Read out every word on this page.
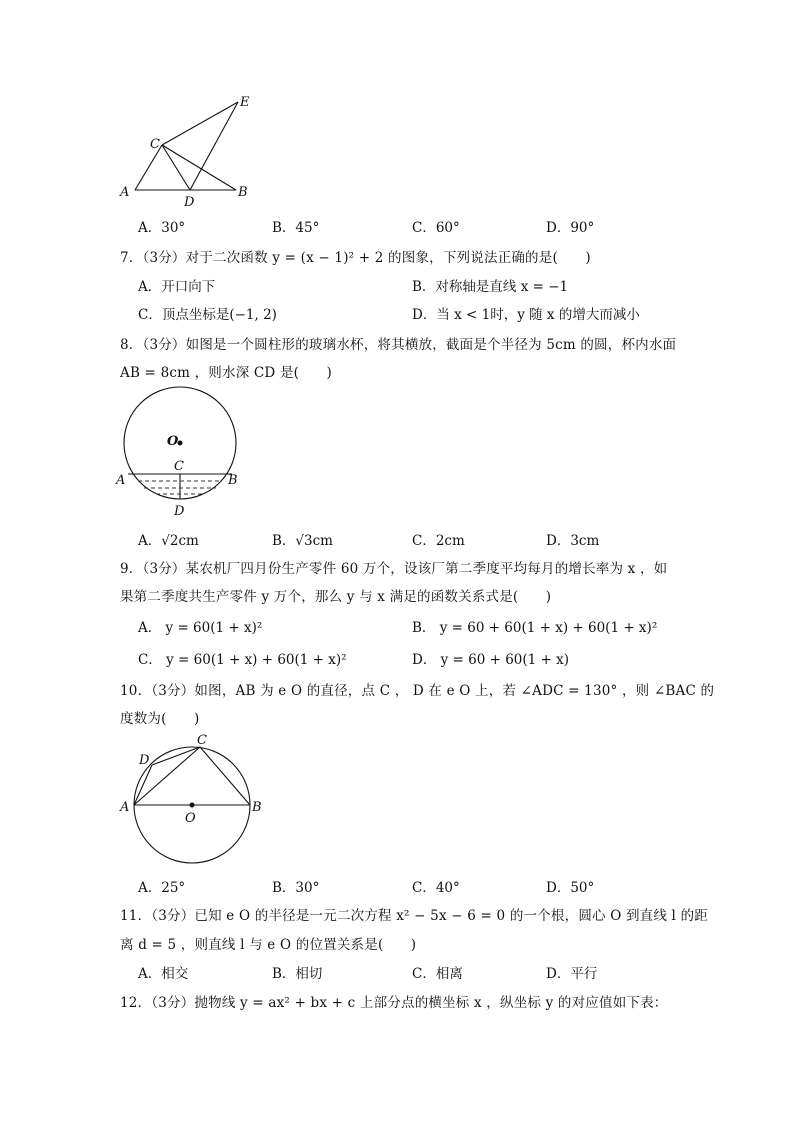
E
C
A
D
B
A．30°	B．45°	C．60°	D．90°
7．（3分）对于二次函数 y = (x − 1)² + 2 的图象，下列说法正确的是(　　)
A．开口向下	B．对称轴是直线 x = −1
C．顶点坐标是(−1, 2)	D．当 x < 1时，y 随 x 的增大而减小
8．（3分）如图是一个圆柱形的玻璃水杯，将其横放，截面是个半径为 5cm 的圆，杯内水面
AB = 8cm ，则水深 CD 是(　　)
O
C
A	B
D
A．√2cm	B．√3cm	C．2cm	D．3cm
9．（3分）某农机厂四月份生产零件 60 万个，设该厂第二季度平均每月的增长率为 x ，如
果第二季度共生产零件 y 万个，那么 y 与 x 满足的函数关系式是(　　)
A． y = 60(1 + x)²	B． y = 60 + 60(1 + x) + 60(1 + x)²
C． y = 60(1 + x) + 60(1 + x)²	D． y = 60 + 60(1 + x)
10．（3分）如图，AB 为 e O 的直径，点 C ， D 在 e O 上，若 ∠ADC = 130° ，则 ∠BAC 的
度数为(　　)
C
D
A	B
O
A．25°	B．30°	C．40°	D．50°
11．（3分）已知 e O 的半径是一元二次方程 x² − 5x − 6 = 0 的一个根，圆心 O 到直线 l 的距
离 d = 5 ，则直线 l 与 e O 的位置关系是(　　)
A．相交	B．相切	C．相离	D．平行
12．（3分）抛物线 y = ax² + bx + c 上部分点的横坐标 x ，纵坐标 y 的对应值如下表：
